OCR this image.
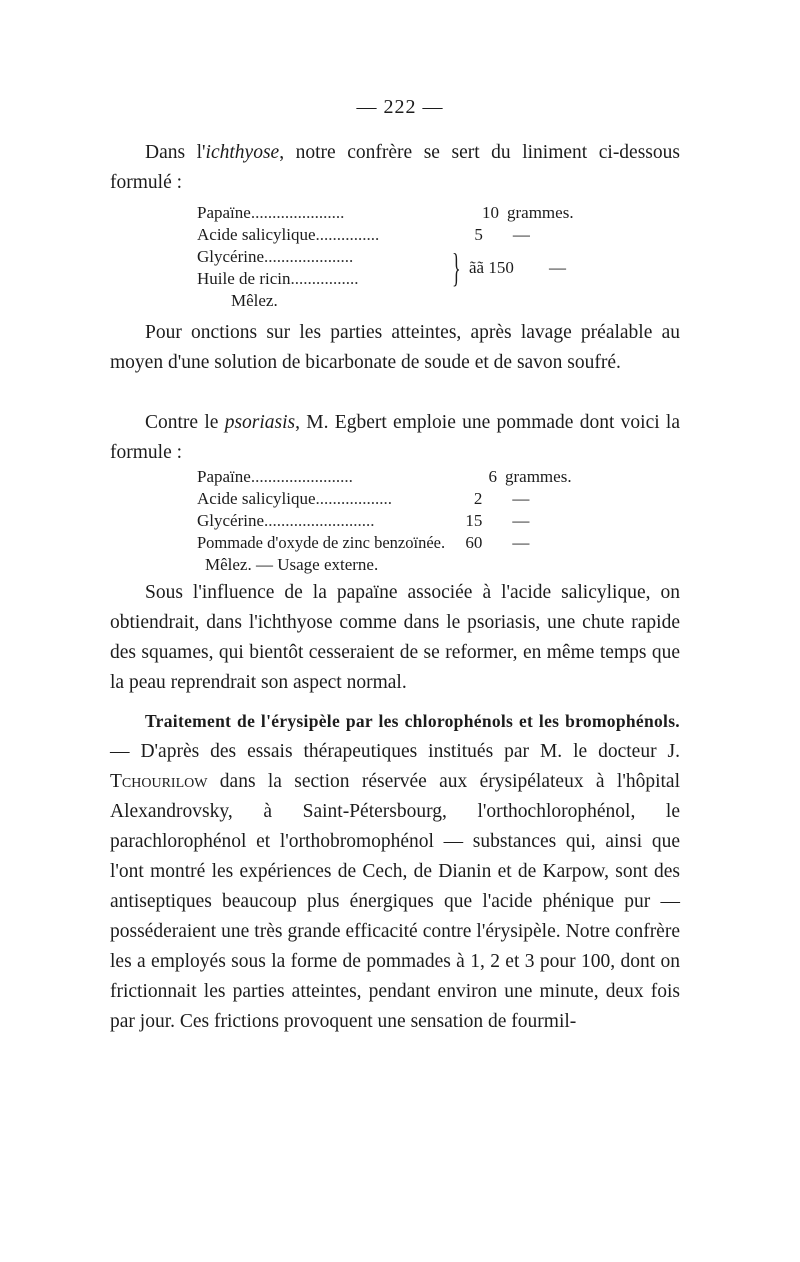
— 222 —
Dans l'ichthyose, notre confrère se sert du liniment ci-dessous formulé :
Papaïne......................	10 grammes.
Acide salicylique...............	5	—
Glycérine.....................
Huile de ricin................	} ãã 150 —
Mêlez.
Pour onctions sur les parties atteintes, après lavage préalable au moyen d'une solution de bicarbonate de soude et de savon soufré.
Contre le psoriasis, M. Egbert emploie une pommade dont voici la formule :
Papaïne........................	6 grammes.
Acide salicylique..................	2	—
Glycérine..........................	15	—
Pommade d'oxyde de zinc benzoïnée.	60	—
Mêlez. — Usage externe.
Sous l'influence de la papaïne associée à l'acide salicylique, on obtiendrait, dans l'ichthyose comme dans le psoriasis, une chute rapide des squames, qui bientôt cesseraient de se reformer, en même temps que la peau reprendrait son aspect normal.
Traitement de l'érysipèle par les chlorophénols et les bromophénols. — D'après des essais thérapeutiques institués par M. le docteur J. Tchourilow dans la section réservée aux érysipélateux à l'hôpital Alexandrovsky, à Saint-Pétersbourg, l'orthochlorophénol, le parachlorophénol et l'orthobromophénol — substances qui, ainsi que l'ont montré les expériences de Cech, de Dianin et de Karpow, sont des antiseptiques beaucoup plus énergiques que l'acide phénique pur — posséderaient une très grande efficacité contre l'érysipèle. Notre confrère les a employés sous la forme de pommades à 1, 2 et 3 pour 100, dont on frictionnait les parties atteintes, pendant environ une minute, deux fois par jour. Ces frictions provoquent une sensation de fourmil-
